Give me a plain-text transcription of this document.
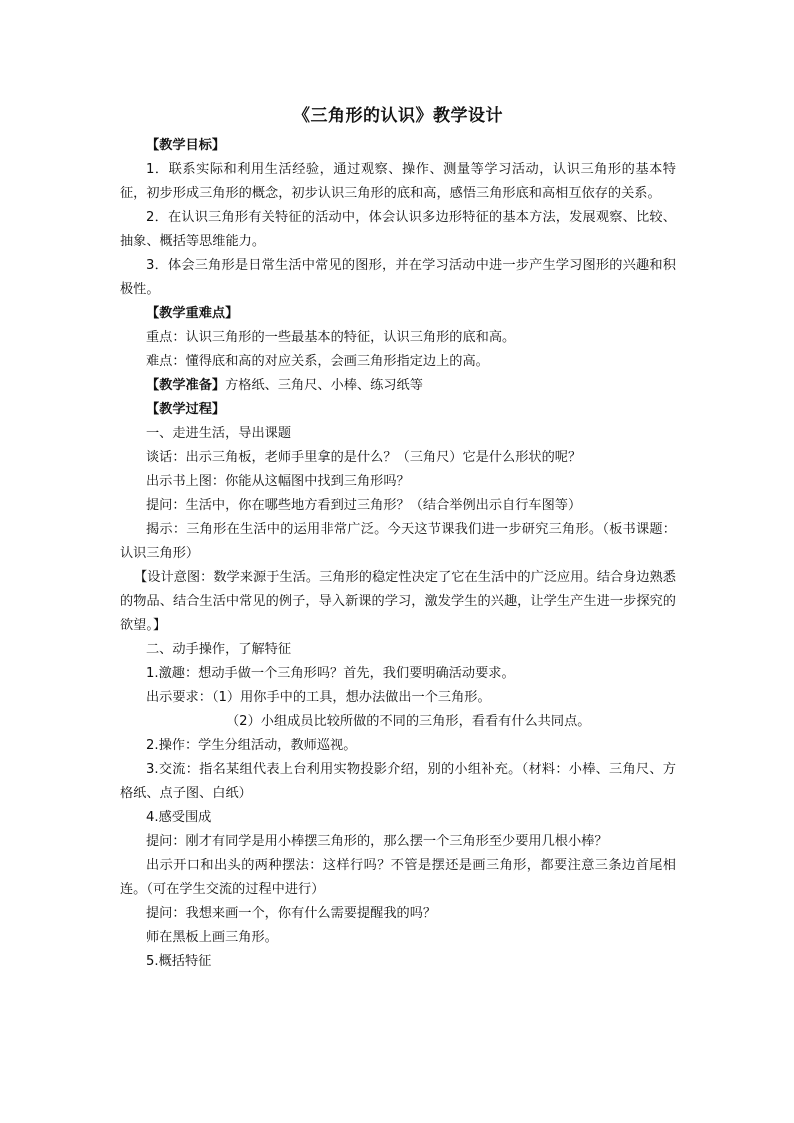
《三角形的认识》教学设计

【教学目标】

1．联系实际和利用生活经验，通过观察、操作、测量等学习活动，认识三角形的基本特征，初步形成三角形的概念，初步认识三角形的底和高，感悟三角形底和高相互依存的关系。

2．在认识三角形有关特征的活动中，体会认识多边形特征的基本方法，发展观察、比较、抽象、概括等思维能力。

3．体会三角形是日常生活中常见的图形，并在学习活动中进一步产生学习图形的兴趣和积极性。

【教学重难点】

重点：认识三角形的一些最基本的特征，认识三角形的底和高。

难点：懂得底和高的对应关系，会画三角形指定边上的高。

【教学准备】方格纸、三角尺、小棒、练习纸等

【教学过程】

一、走进生活，导出课题

谈话：出示三角板，老师手里拿的是什么？（三角尺）它是什么形状的呢？

出示书上图：你能从这幅图中找到三角形吗？

提问：生活中，你在哪些地方看到过三角形？（结合举例出示自行车图等）

揭示：三角形在生活中的运用非常广泛。今天这节课我们进一步研究三角形。（板书课题：认识三角形）

【设计意图：数学来源于生活。三角形的稳定性决定了它在生活中的广泛应用。结合身边熟悉的物品、结合生活中常见的例子，导入新课的学习，激发学生的兴趣，让学生产生进一步探究的欲望。】

二、动手操作，了解特征

1.激趣：想动手做一个三角形吗？首先，我们要明确活动要求。

出示要求：（1）用你手中的工具，想办法做出一个三角形。

（2）小组成员比较所做的不同的三角形，看看有什么共同点。

2.操作：学生分组活动，教师巡视。

3.交流：指名某组代表上台利用实物投影介绍，别的小组补充。（材料：小棒、三角尺、方格纸、点子图、白纸）

4.感受围成

提问：刚才有同学是用小棒摆三角形的，那么摆一个三角形至少要用几根小棒？

出示开口和出头的两种摆法：这样行吗？不管是摆还是画三角形，都要注意三条边首尾相连。（可在学生交流的过程中进行）

提问：我想来画一个，你有什么需要提醒我的吗？

师在黑板上画三角形。

5.概括特征
